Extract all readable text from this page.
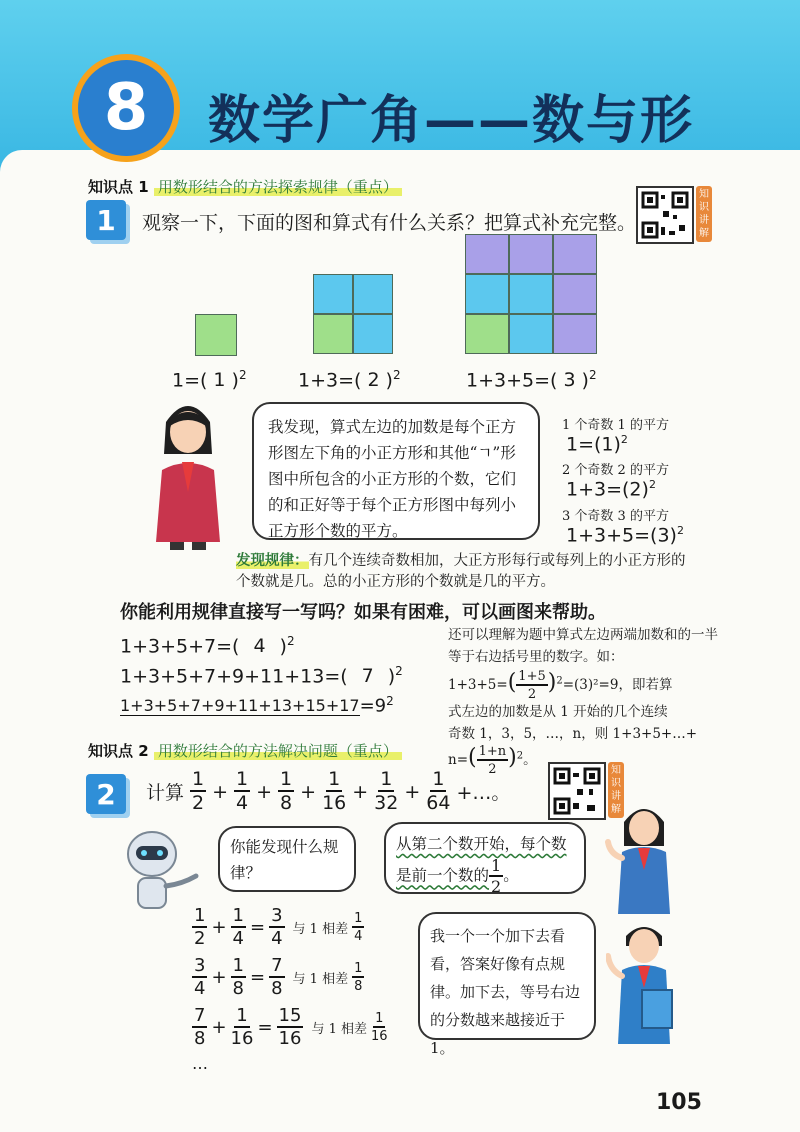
8	数学广角——数与形
知识点 1 用数形结合的方法探索规律（重点）
1	观察一下，下面的图和算式有什么关系？把算式补充完整。
知识讲解
1=( 1 )$^2$	1+3=( 2 )$^2$	1+3+5=( 3 )$^2$
我发现，算式左边的加数是每个正方形图左下角的小正方形和其他“ㄱ”形图中所包含的小正方形的个数，它们的和正好等于每个正方形图中每列小正方形个数的平方。
1 个奇数 1 的平方
$1=(1)^2$
2 个奇数 2 的平方
$1+3=(2)^2$
3 个奇数 3 的平方
$1+3+5=(3)^2$
发现规律：有几个连续奇数相加，大正方形每行或每列上的小正方形的个数就是几。总的小正方形的个数就是几的平方。
你能利用规律直接写一写吗？如果有困难，可以画图来帮助。
1+3+5+7=( 4 )$^2$
1+3+5+7+9+11+13=( 7 )$^2$
$1+3+5+7+9+11+13+15+17=9^2$
还可以理解为题中算式左边两端加数和的一半等于右边括号里的数字。如：
$1+3+5=( \frac{1+5}{2} )^2=(3)^2=9$，即若算
式左边的加数是从 1 开始的几个连续
奇数 1，3，5，…，n，则 1+3+5+…+
$n=( \frac{1+n}{2} )^2$。
知识点 2 用数形结合的方法解决问题（重点）
2	计算 $\frac{1}{2} + \frac{1}{4} + \frac{1}{8} + \frac{1}{16} + \frac{1}{32} + \frac{1}{64}$ +…。
知识讲解
你能发现什么规律？
从第二个数开始，每个数是前一个数的 $\frac{1}{2}$ 。
$\frac{1}{2} + \frac{1}{4} = \frac{3}{4}$ 与 1 相差 $\frac{1}{4}$
$\frac{3}{4} + \frac{1}{8} = \frac{7}{8}$ 与 1 相差 $\frac{1}{8}$
$\frac{7}{8} + \frac{1}{16} = \frac{15}{16}$ 与 1 相差 $\frac{1}{16}$
…
我一个一个加下去看看，答案好像有点规律。加下去，等号右边的分数越来越接近于 1。
105
